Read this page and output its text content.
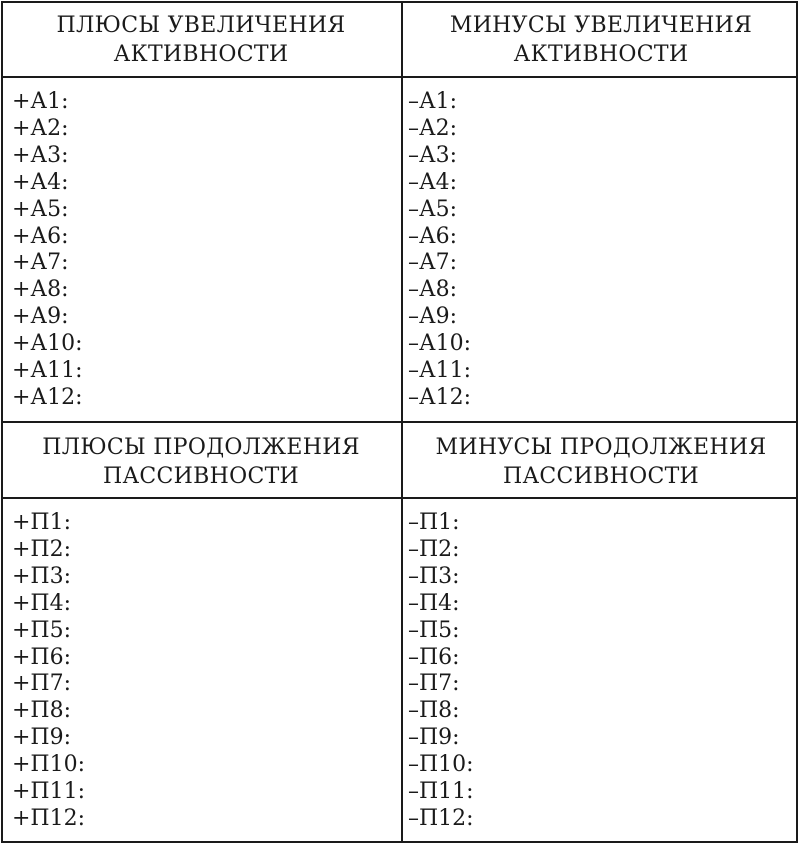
ПЛЮСЫ УВЕЛИЧЕНИЯ
АКТИВНОСТИ
МИНУСЫ УВЕЛИЧЕНИЯ
АКТИВНОСТИ
+А1:
+А2:
+А3:
+А4:
+А5:
+А6:
+А7:
+А8:
+А9:
+А10:
+А11:
+А12:
–А1:
–А2:
–А3:
–А4:
–А5:
–А6:
–А7:
–А8:
–А9:
–А10:
–А11:
–А12:
ПЛЮСЫ ПРОДОЛЖЕНИЯ
ПАССИВНОСТИ
МИНУСЫ ПРОДОЛЖЕНИЯ
ПАССИВНОСТИ
+П1:
+П2:
+П3:
+П4:
+П5:
+П6:
+П7:
+П8:
+П9:
+П10:
+П11:
+П12:
–П1:
–П2:
–П3:
–П4:
–П5:
–П6:
–П7:
–П8:
–П9:
–П10:
–П11:
–П12:
